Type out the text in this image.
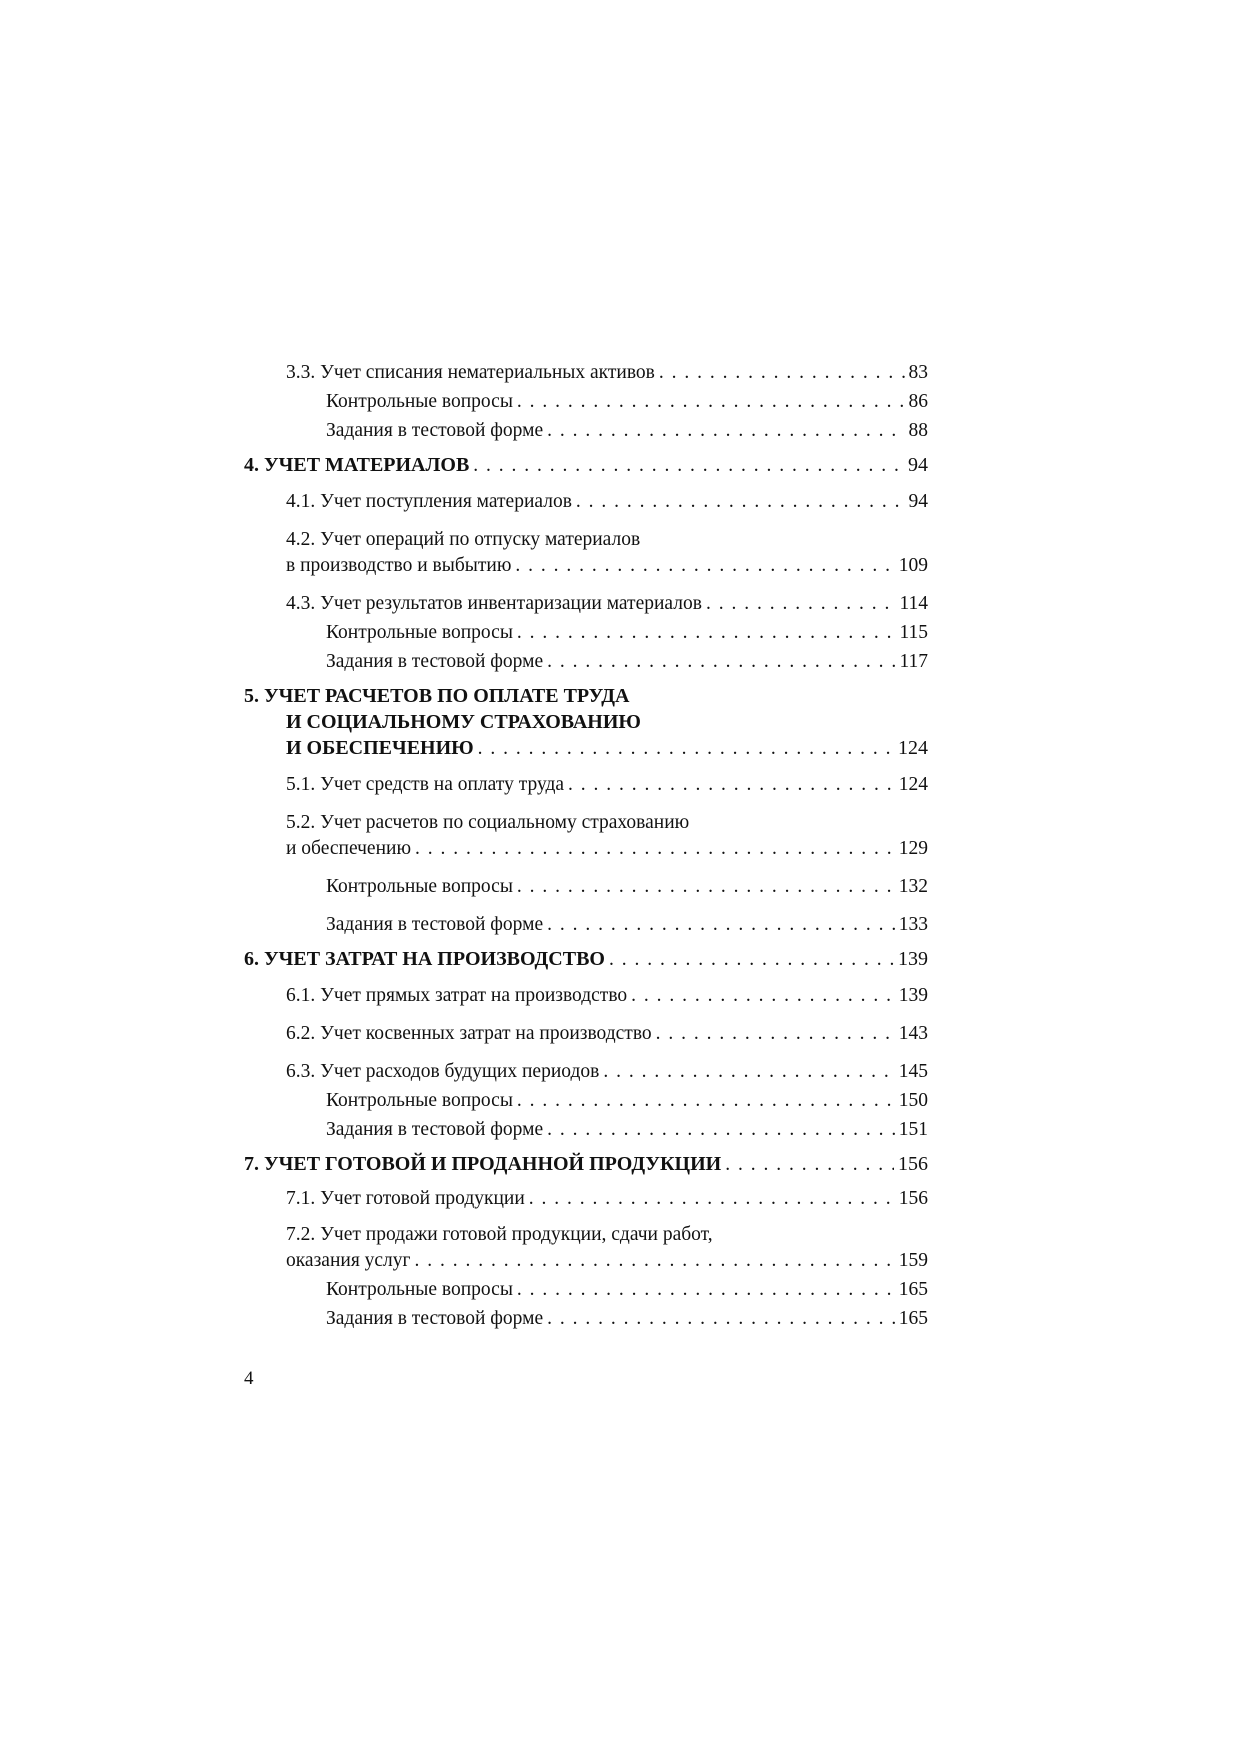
3.3. Учет списания нематериальных активов . . .	83
Контрольные вопросы . . .	86
Задания в тестовой форме . . .	88
4. УЧЕТ МАТЕРИАЛОВ . . .	94
4.1. Учет поступления материалов . . .	94
4.2. Учет операций по отпуску материалов
в производство и выбытию . . .	109
4.3. Учет результатов инвентаризации материалов . . .	114
Контрольные вопросы . . .	115
Задания в тестовой форме . . .	117
5. УЧЕТ РАСЧЕТОВ ПО ОПЛАТЕ ТРУДА
И СОЦИАЛЬНОМУ СТРАХОВАНИЮ
И ОБЕСПЕЧЕНИЮ . . .	124
5.1. Учет средств на оплату труда . . .	124
5.2. Учет расчетов по социальному страхованию
и обеспечению . . .	129
Контрольные вопросы . . .	132
Задания в тестовой форме . . .	133
6. УЧЕТ ЗАТРАТ НА ПРОИЗВОДСТВО . . .	139
6.1. Учет прямых затрат на производство . . .	139
6.2. Учет косвенных затрат на производство . . .	143
6.3. Учет расходов будущих периодов . . .	145
Контрольные вопросы . . .	150
Задания в тестовой форме . . .	151
7. УЧЕТ ГОТОВОЙ И ПРОДАННОЙ ПРОДУКЦИИ . . .	156
7.1. Учет готовой продукции . . .	156
7.2. Учет продажи готовой продукции, сдачи работ,
оказания услуг . . .	159
Контрольные вопросы . . .	165
Задания в тестовой форме . . .	165
4
